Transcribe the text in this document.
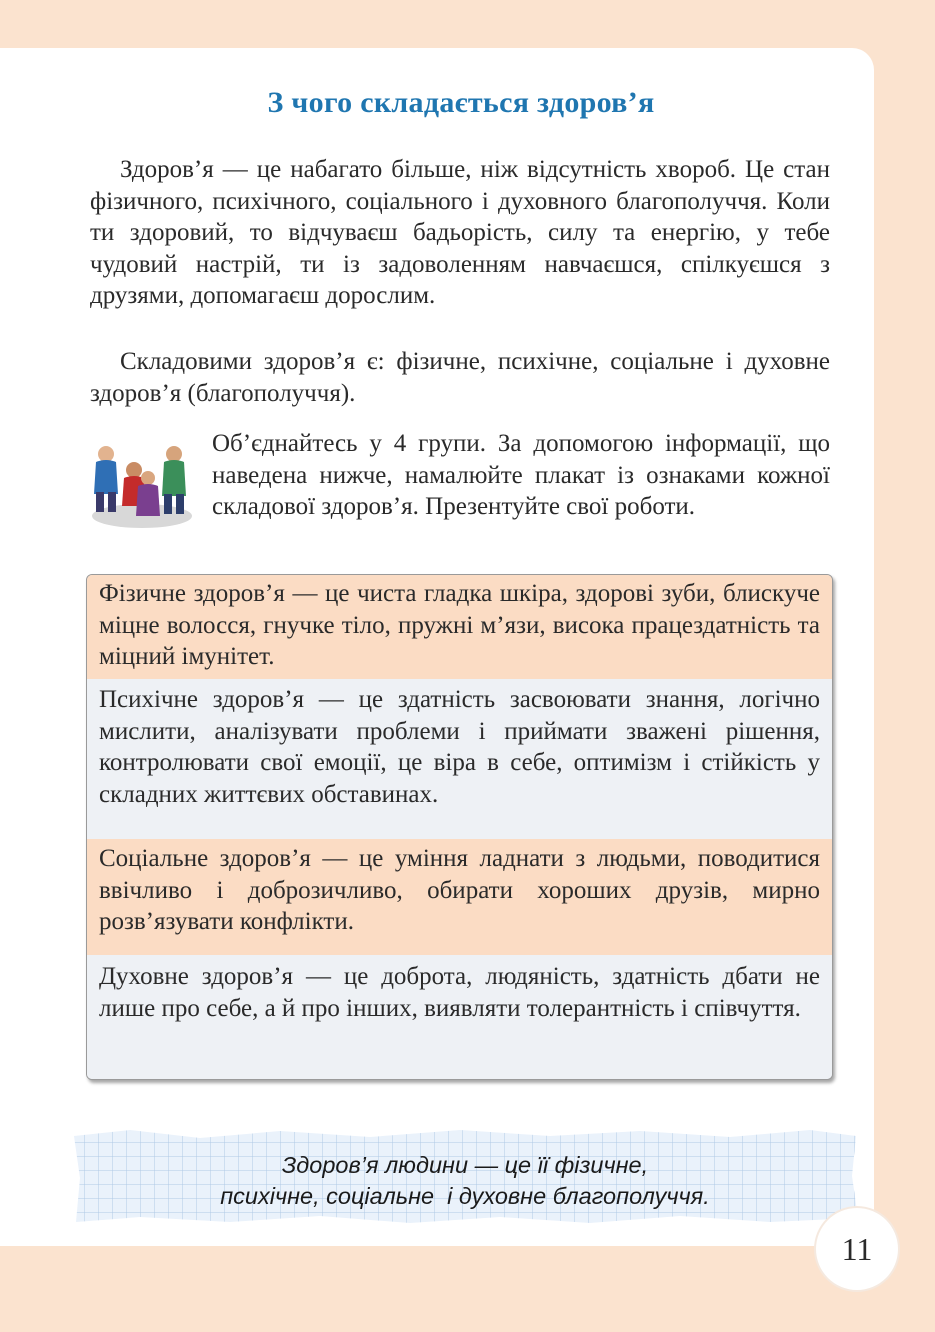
З чого складається здоров’я
Здоров’я — це набагато більше, ніж відсутність хвороб. Це стан фізичного, психічного, соціального і духовного благополуччя. Коли ти здоровий, то відчуваєш бадьорість, силу та енергію, у тебе чудовий настрій, ти із задоволенням навчаєшся, спілкуєшся з друзями, допомагаєш дорослим.
Складовими здоров’я є: фізичне, психічне, соціальне і духовне здоров’я (благополуччя).
Об’єднайтесь у 4 групи. За допомогою інформації, що наведена нижче, намалюйте плакат із ознаками кожної складової здоров’я. Презентуйте свої роботи.
Фізичне здоров’я — це чиста гладка шкіра, здорові зуби, блискуче міцне волосся, гнучке тіло, пружні м’язи, висока працездатність та міцний імунітет.
Психічне здоров’я — це здатність засвоювати знання, логічно мислити, аналізувати проблеми і приймати зважені рішення, контролювати свої емоції, це віра в себе, оптимізм і стійкість у складних життєвих обставинах.
Соціальне здоров’я — це уміння ладнати з людьми, поводитися ввічливо і доброзичливо, обирати хороших друзів, мирно розв’язувати конфлікти.
Духовне здоров’я — це доброта, людяність, здатність дбати не лише про себе, а й про інших, виявляти толерантність і співчуття.
Здоров’я людини — це її фізичне,
психічне, соціальне  і духовне благополуччя.
11
